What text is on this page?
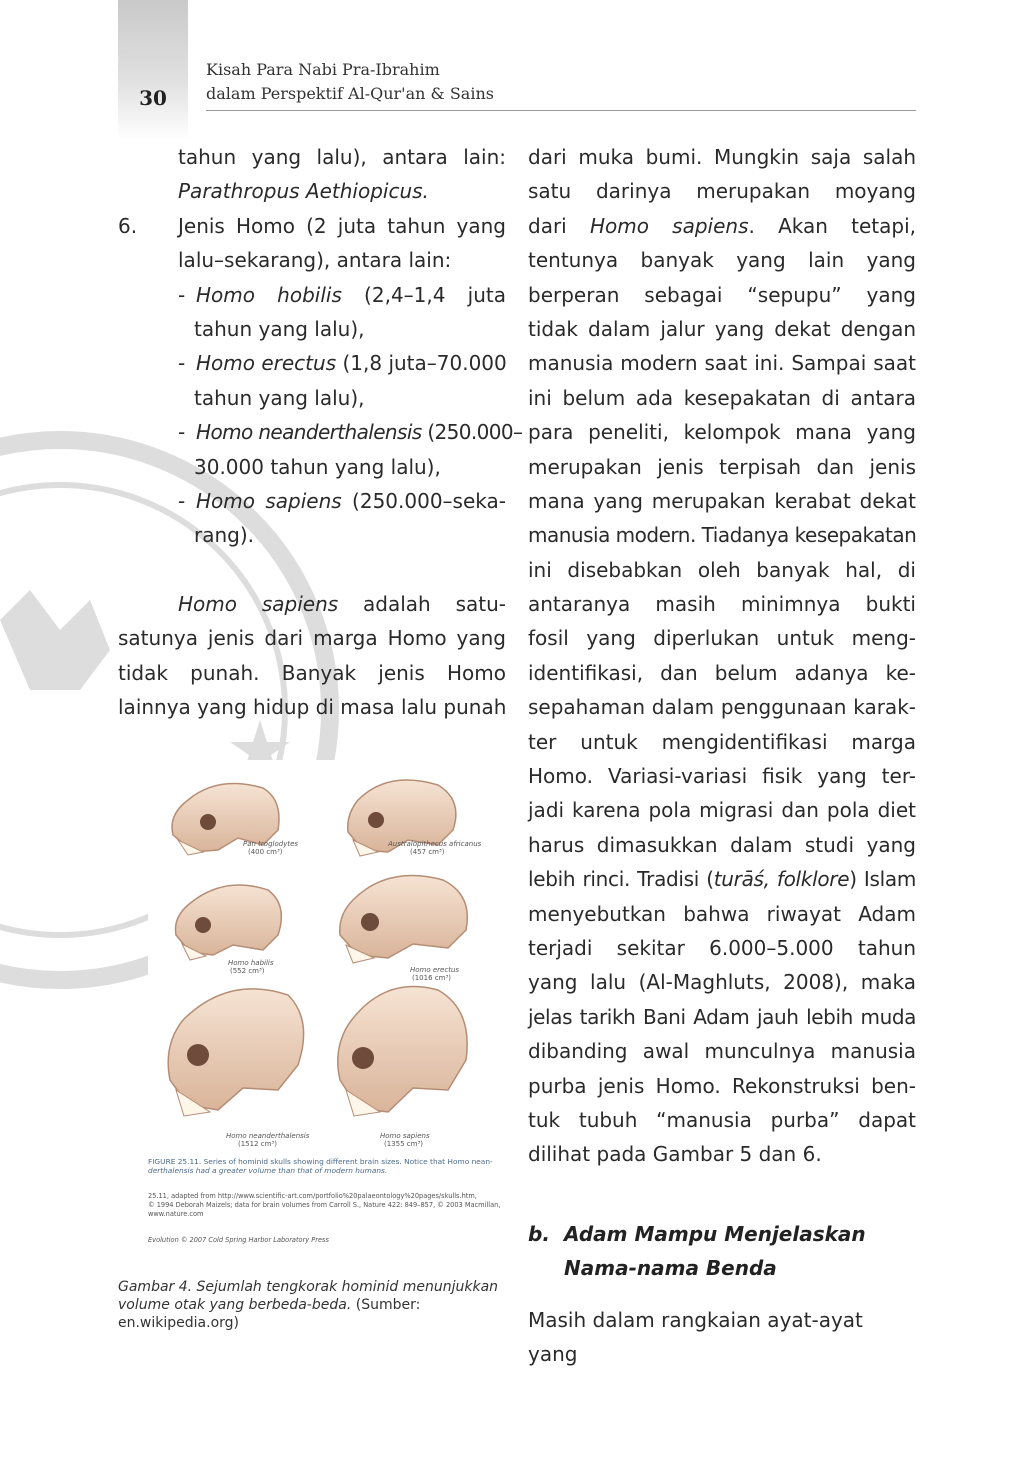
30
Kisah Para Nabi Pra-Ibrahim
dalam Perspektif Al-Qur'an & Sains
tahun yang lalu), antara lain:
Parathropus Aethiopicus.
6. Jenis Homo (2 juta tahun yang
lalu–sekarang), antara lain:
- Homo hobilis (2,4–1,4 juta
tahun yang lalu),
- Homo erectus (1,8 juta–70.000
tahun yang lalu),
- Homo neanderthalensis (250.000–
30.000 tahun yang lalu),
- Homo sapiens (250.000–seka-
rang).
Homo sapiens adalah satu-
satunya jenis dari marga Homo yang
tidak punah. Banyak jenis Homo
lainnya yang hidup di masa lalu punah
Pan troglodytes
(400 cm³)
Australopithecus africanus
(457 cm³)
Homo habilis
(552 cm³)	Homo erectus
(1016 cm³)
Homo neanderthalensis
(1512 cm³)
Homo sapiens
(1355 cm³)
FIGURE 25.11. Series of hominid skulls showing different brain sizes. Notice that Homo nean-
derthalensis had a greater volume than that of modern humans.
25.11, adapted from http://www.scientific-art.com/portfolio%20palaeontology%20pages/skulls.htm,
© 1994 Deborah Maizels; data for brain volumes from Carroll S., Nature 422: 849–857, © 2003 Macmillan,
www.nature.com
Evolution © 2007 Cold Spring Harbor Laboratory Press
Gambar 4. Sejumlah tengkorak hominid menunjukkan volume otak yang berbeda-beda. (Sumber: en.wikipedia.org)
dari muka bumi. Mungkin saja salah
satu darinya merupakan moyang
dari Homo sapiens. Akan tetapi,
tentunya banyak yang lain yang
berperan sebagai “sepupu” yang
tidak dalam jalur yang dekat dengan
manusia modern saat ini. Sampai saat
ini belum ada kesepakatan di antara
para peneliti, kelompok mana yang
merupakan jenis terpisah dan jenis
mana yang merupakan kerabat dekat
manusia modern. Tiadanya kesepakatan
ini disebabkan oleh banyak hal, di
antaranya masih minimnya bukti
fosil yang diperlukan untuk meng-
identifikasi, dan belum adanya ke-
sepahaman dalam penggunaan karak-
ter untuk mengidentifikasi marga
Homo. Variasi-variasi fisik yang ter-
jadi karena pola migrasi dan pola diet
harus dimasukkan dalam studi yang
lebih rinci. Tradisi (turāś, folklore) Islam
menyebutkan bahwa riwayat Adam
terjadi sekitar 6.000–5.000 tahun
yang lalu (Al-Maghluts, 2008), maka
jelas tarikh Bani Adam jauh lebih muda
dibanding awal munculnya manusia
purba jenis Homo. Rekonstruksi ben-
tuk tubuh “manusia purba” dapat
dilihat pada Gambar 5 dan 6.
b. Adam Mampu Menjelaskan
Nama-nama Benda
Masih dalam rangkaian ayat-ayat yang
